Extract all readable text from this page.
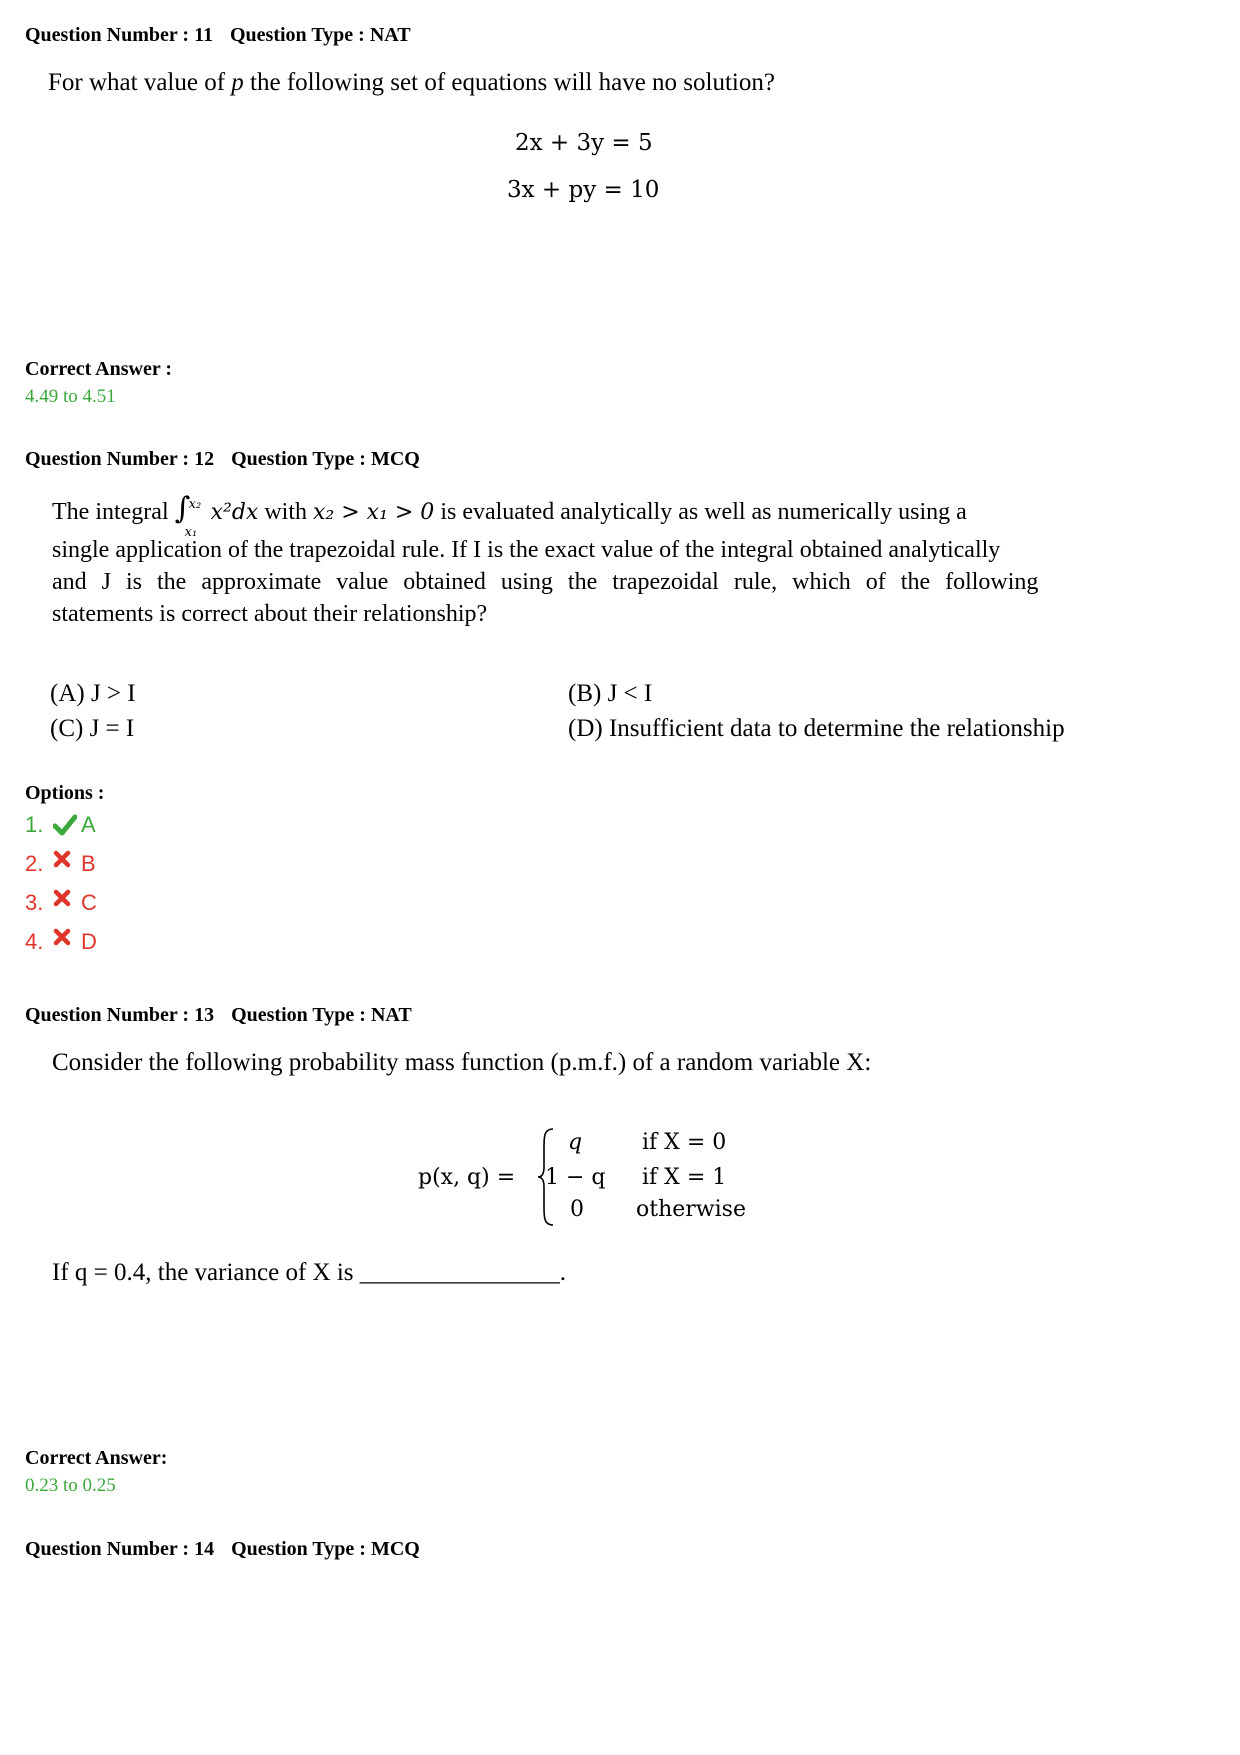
Question Number : 11 Question Type : NAT
For what value of p the following set of equations will have no solution?
2x + 3y = 5
3x + py = 10
Correct Answer :
4.49 to 4.51
Question Number : 12 Question Type : MCQ
The integral ∫
x₂
x₁
x²dx with x₂ > x₁ > 0 is evaluated analytically as well as numerically using a
single application of the trapezoidal rule. If I is the exact value of the integral obtained analytically
and J is the approximate value obtained using the trapezoidal rule, which of the following
statements is correct about their relationship?
(A) J > I	(B) J < I
(C) J = I	(D) Insufficient data to determine the relationship
Options :
1.	A
2.	B
3.	C
4.	D
Question Number : 13 Question Type : NAT
Consider the following probability mass function (p.m.f.) of a random variable X:
p(x, q) =
q	if X = 0
1 − q if X = 1
0 otherwise
If q = 0.4, the variance of X is ________________.
Correct Answer:
0.23 to 0.25
Question Number : 14 Question Type : MCQ
